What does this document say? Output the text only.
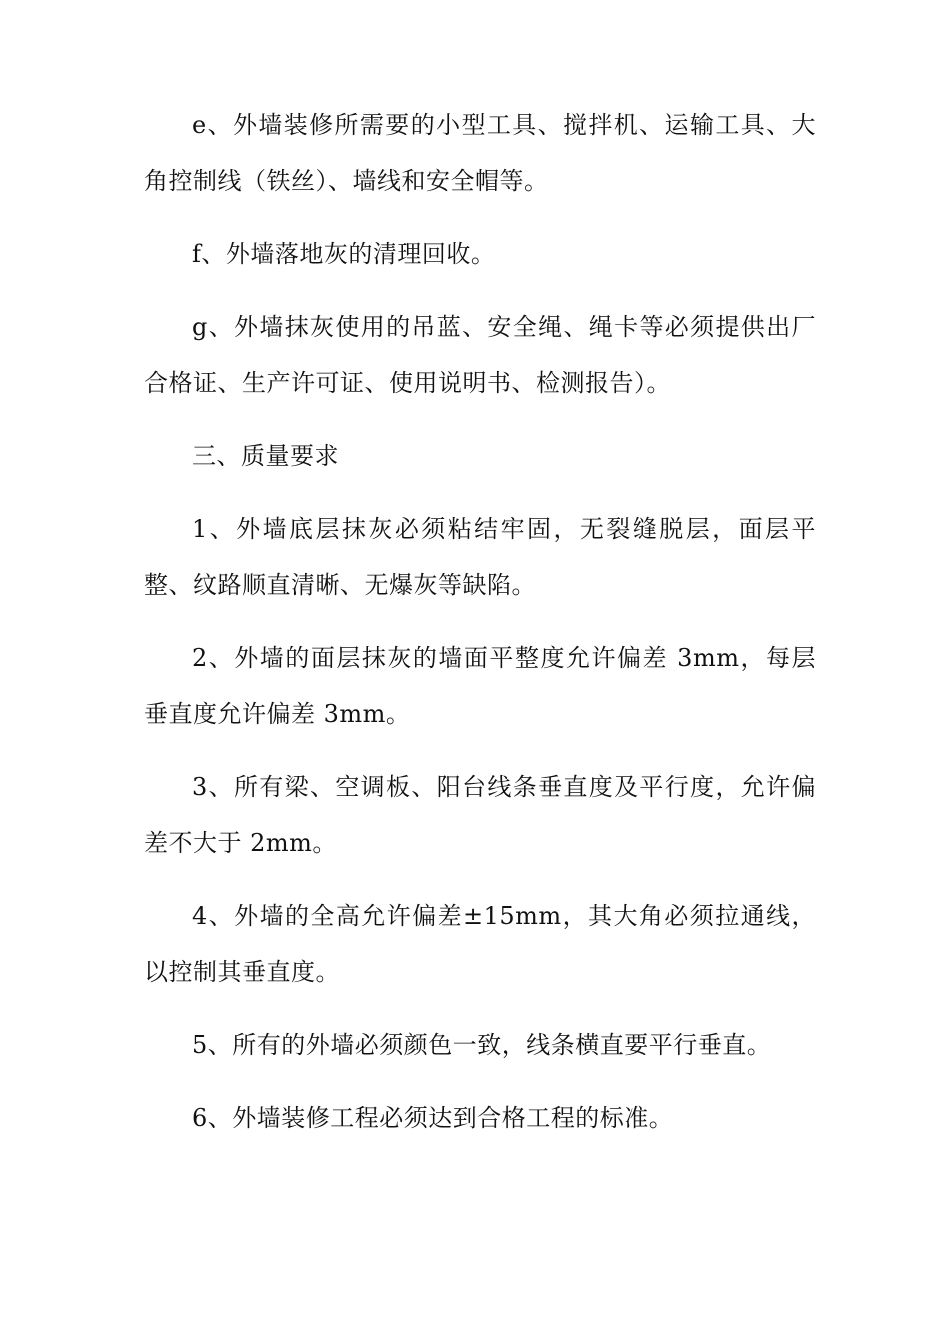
e、外墙装修所需要的小型工具、搅拌机、运输工具、大角控制线（铁丝）、墙线和安全帽等。

f、外墙落地灰的清理回收。

g、外墙抹灰使用的吊蓝、安全绳、绳卡等必须提供出厂合格证、生产许可证、使用说明书、检测报告）。

三、质量要求

1、外墙底层抹灰必须粘结牢固，无裂缝脱层，面层平整、纹路顺直清晰、无爆灰等缺陷。

2、外墙的面层抹灰的墙面平整度允许偏差 3mm，每层垂直度允许偏差 3mm。

3、所有梁、空调板、阳台线条垂直度及平行度，允许偏差不大于 2mm。

4、外墙的全高允许偏差±15mm，其大角必须拉通线，以控制其垂直度。

5、所有的外墙必须颜色一致，线条横直要平行垂直。

6、外墙装修工程必须达到合格工程的标准。
